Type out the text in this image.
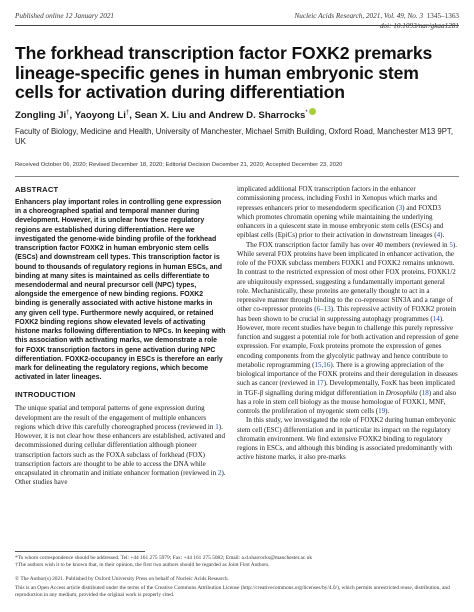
Published online 12 January 2021	Nucleic Acids Research, 2021, Vol. 49, No. 3 1345–1363

doi: 10.1093/nar/gkaa1281
The forkhead transcription factor FOXK2 premarks lineage-specific genes in human embryonic stem cells for activation during differentiation
Zongling Ji†, Yaoyong Li†, Sean X. Liu and Andrew D. Sharrocks*
Faculty of Biology, Medicine and Health, University of Manchester, Michael Smith Building, Oxford Road, Manchester M13 9PT, UK
Received October 06, 2020; Revised December 18, 2020; Editorial Decision December 21, 2020; Accepted December 23, 2020
ABSTRACT

Enhancers play important roles in controlling gene expression in a choreographed spatial and temporal manner during development. However, it is unclear how these regulatory regions are established during differentiation. Here we investigated the genome-wide binding profile of the forkhead transcription factor FOXK2 in human embryonic stem cells (ESCs) and downstream cell types. This transcription factor is bound to thousands of regulatory regions in human ESCs, and binding at many sites is maintained as cells differentiate to mesendodermal and neural precursor cell (NPC) types, alongside the emergence of new binding regions. FOXK2 binding is generally associated with active histone marks in any given cell type. Furthermore newly acquired, or retained FOXK2 binding regions show elevated levels of activating histone marks following differentiation to NPCs. In keeping with this association with activating marks, we demonstrate a role for FOXK transcription factors in gene activation during NPC differentiation. FOXK2-occupancy in ESCs is therefore an early mark for delineating the regulatory regions, which become activated in later lineages.

INTRODUCTION

The unique spatial and temporal patterns of gene expression during development are the result of the engagement of multiple enhancers regions which drive this carefully choreographed process (reviewed in 1). However, it is not clear how these enhancers are established, activated and decommissioned during cellular differentiation although pioneer transcription factors such as the FOXA subclass of forkhead (FOX) transcription factors are thought to be able to access the DNA while encapsulated in chromatin and initiate enhancer formation (reviewed in 2). Other studies have

implicated additional FOX transcription factors in the enhancer commissioning process, including Foxh1 in Xenopus which marks and represses enhancers prior to mesendoderm specification (3) and FOXD3 which promotes chromatin opening while maintaining the underlying enhancers in a quiescent state in mouse embryonic stem cells (ESCs) and epiblast cells (EpiCs) prior to their activation in downstream lineages (4).

The FOX transcription factor family has over 40 members (reviewed in 5). While several FOX proteins have been implicated in enhancer activation, the role of the FOXK subclass members FOXK1 and FOXK2 remains unknown. In contrast to the restricted expression of most other FOX proteins, FOXK1/2 are ubiquitously expressed, suggesting a fundamentally important general role. Mechanistically, these proteins are generally thought to act in a repressive manner through binding to the co-repressor SIN3A and a range of other co-repressor proteins (6–13). This repressive activity of FOXK2 protein has been shown to be crucial in suppressing autophagy programmes (14). However, more recent studies have begun to challenge this purely repressive function and suggest a potential role for both activation and repression of gene expression. For example, Foxk proteins promote the expression of genes encoding components from the glycolytic pathway and hence contribute to metabolic reprogramming (15,16). There is a growing appreciation of the biological importance of the FOXK proteins and their deregulation in diseases such as cancer (reviewed in 17). Developmentally, FoxK has been implicated in TGF-β signalling during midgut differentiation in Drosophila (18) and also has a role in stem cell biology as the mouse homologue of FOXK1, MNF, controls the proliferation of myogenic stem cells (19).

In this study, we investigated the role of FOXK2 during human embryonic stem cell (ESC) differentiation and in particular its impact on the regulatory chromatin environment. We find extensive FOXK2 binding to regulatory regions in ESCs, and although this binding is associated predominantly with active histone marks, it also pre-marks

*To whom correspondence should be addressed. Tel: +44 161 275 5979; Fax: +44 161 275 5082; Email: a.d.sharrocks@manchester.ac.uk
†The authors wish it to be known that, in their opinion, the first two authors should be regarded as Joint First Authors.
© The Author(s) 2021. Published by Oxford University Press on behalf of Nucleic Acids Research.
This is an Open Access article distributed under the terms of the Creative Commons Attribution License (http://creativecommons.org/licenses/by/4.0/), which permits unrestricted reuse, distribution, and reproduction in any medium, provided the original work is properly cited.
